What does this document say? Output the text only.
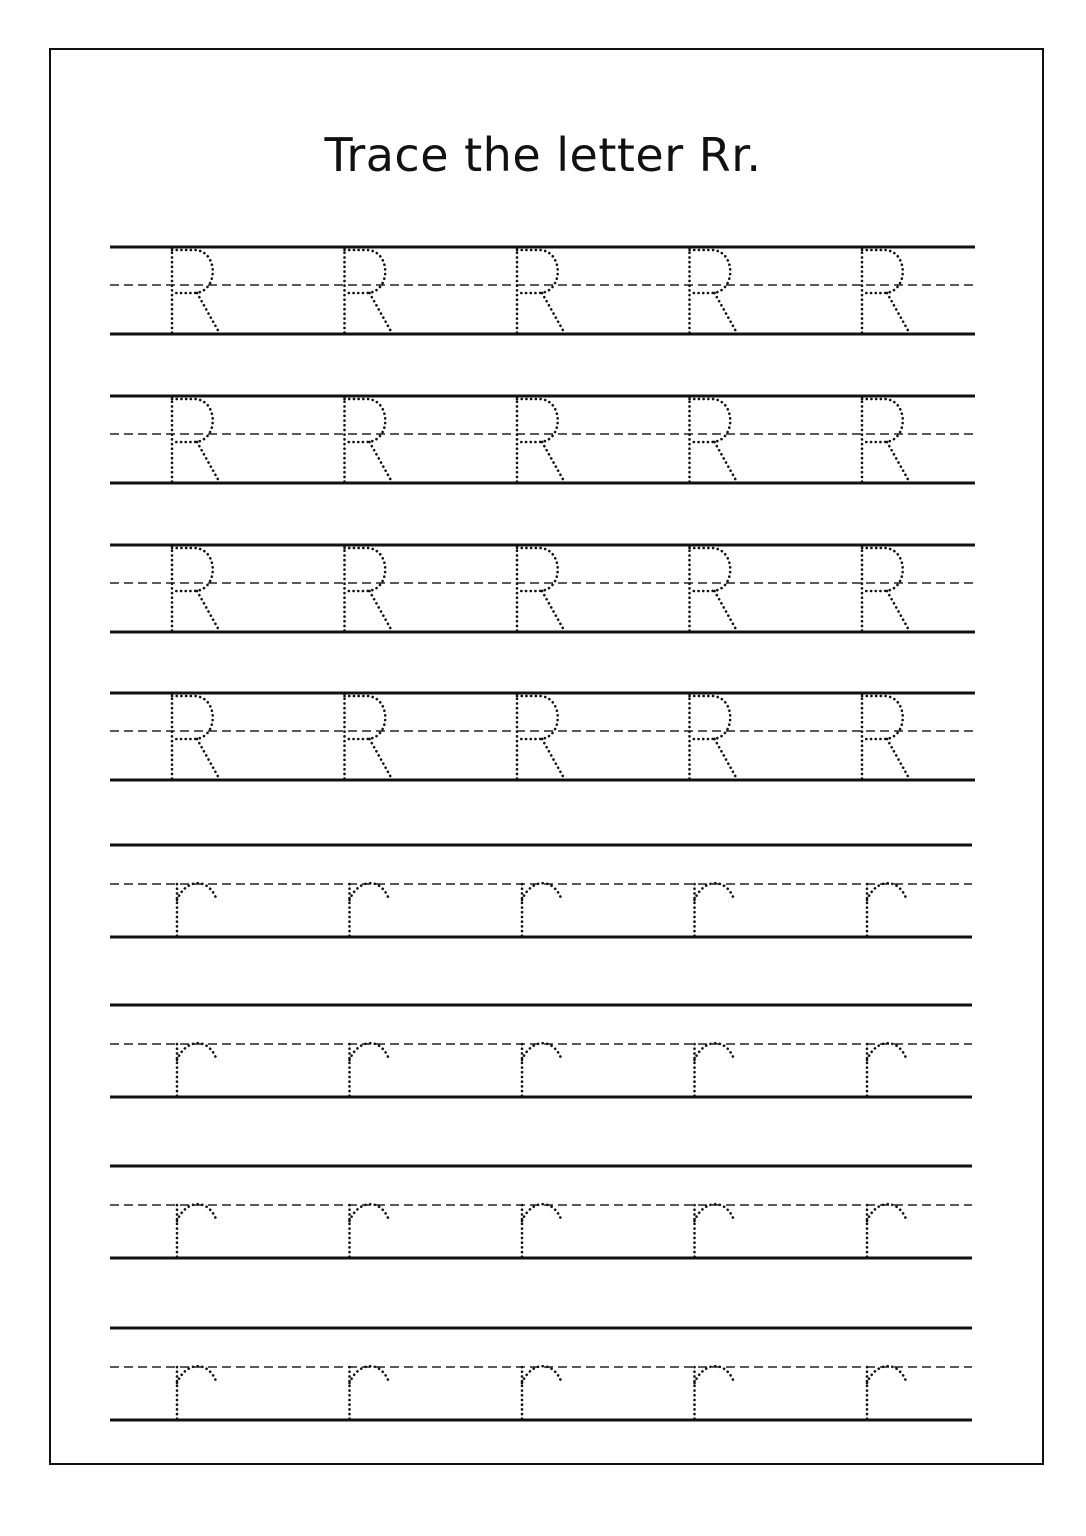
Trace the letter Rr.
